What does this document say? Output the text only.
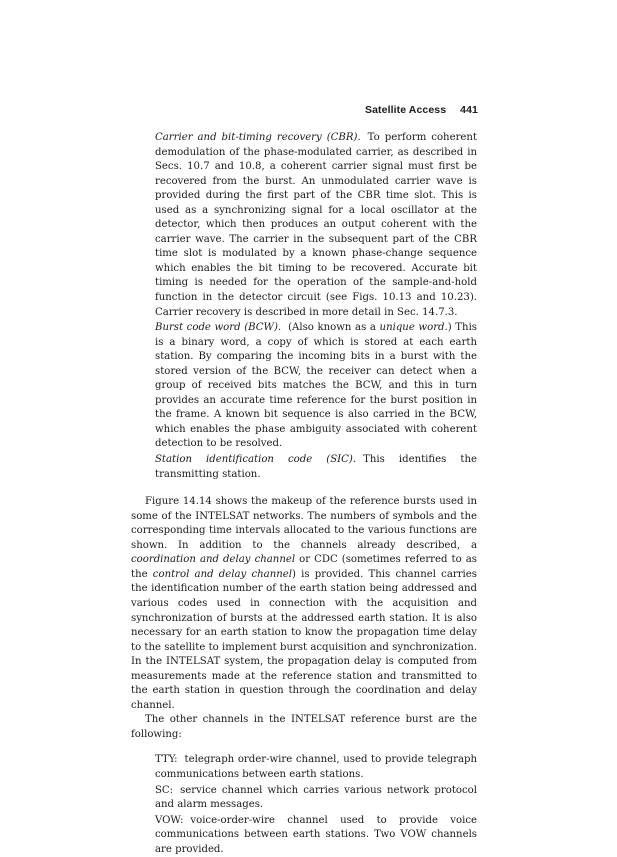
Satellite Access 441

Carrier and bit-timing recovery (CBR). To perform coherent demodulation of the phase-modulated carrier, as described in Secs. 10.7 and 10.8, a coherent carrier signal must first be recovered from the burst. An unmodulated carrier wave is provided during the first part of the CBR time slot. This is used as a synchronizing signal for a local oscillator at the detector, which then produces an output coherent with the carrier wave. The carrier in the subsequent part of the CBR time slot is modulated by a known phase-change sequence which enables the bit timing to be recovered. Accurate bit timing is needed for the operation of the sample-and-hold function in the detector circuit (see Figs. 10.13 and 10.23). Carrier recovery is described in more detail in Sec. 14.7.3.

Burst code word (BCW). (Also known as a unique word.) This is a binary word, a copy of which is stored at each earth station. By comparing the incoming bits in a burst with the stored version of the BCW, the receiver can detect when a group of received bits matches the BCW, and this in turn provides an accurate time reference for the burst position in the frame. A known bit sequence is also carried in the BCW, which enables the phase ambiguity associated with coherent detection to be resolved.

Station identification code (SIC). This identifies the transmitting station.

Figure 14.14 shows the makeup of the reference bursts used in some of the INTELSAT networks. The numbers of symbols and the corresponding time intervals allocated to the various functions are shown. In addition to the channels already described, a coordination and delay channel or CDC (sometimes referred to as the control and delay channel) is provided. This channel carries the identification number of the earth station being addressed and various codes used in connection with the acquisition and synchronization of bursts at the addressed earth station. It is also necessary for an earth station to know the propagation time delay to the satellite to implement burst acquisition and synchronization. In the INTELSAT system, the propagation delay is computed from measurements made at the reference station and transmitted to the earth station in question through the coordination and delay channel.

The other channels in the INTELSAT reference burst are the following:

TTY: telegraph order-wire channel, used to provide telegraph communications between earth stations.

SC: service channel which carries various network protocol and alarm messages.

VOW: voice-order-wire channel used to provide voice communications between earth stations. Two VOW channels are provided.
